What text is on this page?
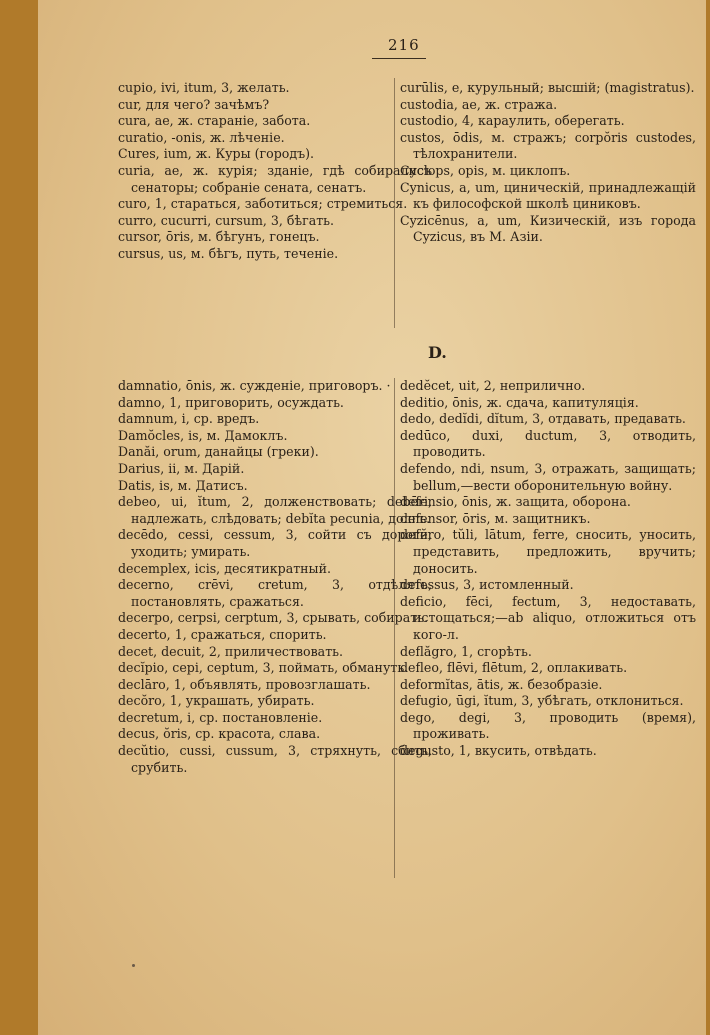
216

cupio, ivi, itum, 3, желать.

cur, для чего? зачѣмъ?

cura, ae, ж. стараніе, забота.

curatio, -onis, ж. лѣченіе.

Cures, ium, ж. Куры (городъ).

curia, ae, ж. курія; зданіе, гдѣ собиралисъ сенаторы; собраніе сената, сенатъ.

curo, 1, стараться, заботиться; стремиться.

curro, cucurri, cursum, 3, бѣгать.

cursor, ōris, м. бѣгунъ, гонецъ.

cursus, us, м. бѣгъ, путь, теченіе.

curūlis, e, курульный; высшій; (magistratus).

custodia, ae, ж. стража.

custodio, 4, караулить, оберегать.

custos, ōdis, м. стражъ; corpŏris custodes, тѣлохранители.

Cyclops, opis, м. циклопъ.

Cynicus, a, um, циническій, принадлежащій къ философской школѣ циниковъ.

Cyzicēnus, a, um, Кизическій, изъ города Cyzicus, въ М. Азіи.

D.

damnatio, ōnis, ж. сужденіе, приговоръ. ·

damno, 1, приговорить, осуждать.

damnum, i, ср. вредъ.

Damŏcles, is, м. Дамоклъ.

Danăi, orum, данайцы (греки).

Darius, ii, м. Дарій.

Datis, is, м. Датисъ.

debeo, ui, ĭtum, 2, долженствовать; debēri, надлежать, слѣдовать; debĭta pecunia, долгъ.

decēdo, cessi, cessum, 3, сойти съ дороги, уходить; умирать.

decemplex, icis, десятикратный.

decerno, crēvi, cretum, 3, отдѣлять, постановлять, сражаться.

decerpo, cerpsi, cerptum, 3, срывать, собирать.

decerto, 1, сражаться, спорить.

decet, decuit, 2, приличествовать.

decĭpio, cepi, ceptum, 3, поймать, обмануть.

declāro, 1, объявлять, провозглашать.

decŏro, 1, украшать, убирать.

decretum, i, ср. постановленіе.

decus, ŏris, ср. красота, слава.

decŭtio, cussi, cussum, 3, стряхнуть, сбить, срубить.

dedĕcet, uit, 2, неприлично.

deditio, ōnis, ж. сдача, капитуляція.

dedo, dedĭdi, dĭtum, 3, отдавать, предавать.

dedūco, duxi, ductum, 3, отводить, проводить.

defendo, ndi, nsum, 3, отражать, защищать; bellum,—вести оборонительную войну.

defensio, ōnis, ж. защита, оборона.

defensor, ōris, м. защитникъ.

defĕro, tŭli, lātum, ferre, сносить, уносить, представить, предложить, вручить; доносить.

defessus, 3, истомленный.

deficio, fēci, fectum, 3, недоставать, истощаться;—ab aliquo, отложиться отъ кого-л.

deflăgro, 1, сгорѣть.

defleo, flēvi, flētum, 2, оплакивать.

deformĭtas, ātis, ж. безобразіе.

defugio, ūgi, ĭtum, 3, убѣгать, отклониться.

dego, degi, 3, проводить (время), проживать.

degusto, 1, вкусить, отвѣдать.
